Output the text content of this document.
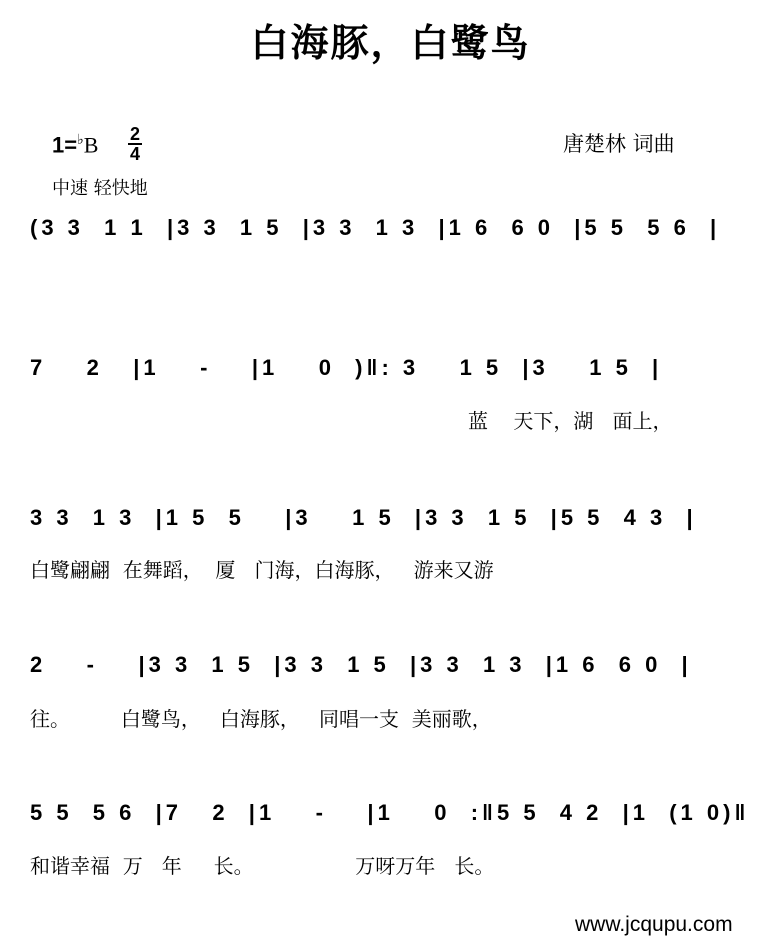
白海豚，白鹭鸟
1=♭B 2
4
中速 轻快地
唐楚林 词曲
(3 3  1 1  |3 3  1 5  |3 3  1 3  |1 6  6 0  |5 5  5 6  |
7    2   |1    -    |1    0  )‖: 3    1 5  |3    1 5  |
蓝    天下，湖   面上，
3 3  1 3  |1 5  5    |3    1 5  |3 3  1 5  |5 5  4 3  |
白鹭翩翩  在舞蹈，  厦   门海，白海豚，   游来又游
2    -    |3 3  1 5  |3 3  1 5  |3 3  1 3  |1 6  6 0  |
往。        白鹭鸟，   白海豚，   同唱一支  美丽歌，
5 5  5 6  |7   2  |1    -    |1    0  :‖5 5  4 2  |1  (1 0)‖
和谐幸福  万   年     长。                万呀万年   长。
www.jcqupu.com
